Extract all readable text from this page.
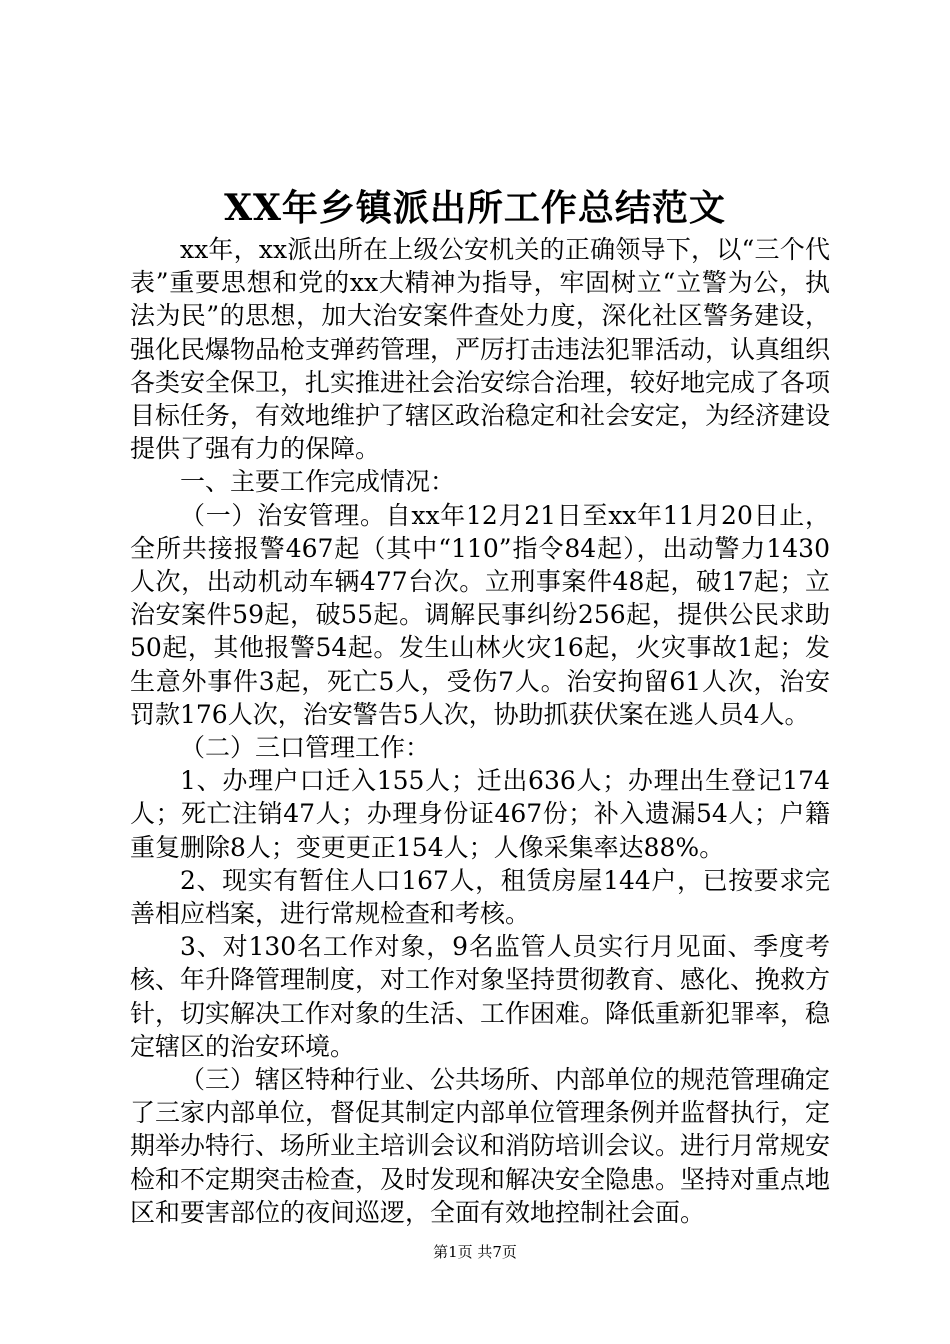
XX年乡镇派出所工作总结范文

xx年，xx派出所在上级公安机关的正确领导下，以“三个代表”重要思想和党的xx大精神为指导，牢固树立“立警为公，执法为民”的思想，加大治安案件查处力度，深化社区警务建设，强化民爆物品枪支弹药管理，严厉打击违法犯罪活动，认真组织各类安全保卫，扎实推进社会治安综合治理，较好地完成了各项目标任务，有效地维护了辖区政治稳定和社会安定，为经济建设提供了强有力的保障。

一、主要工作完成情况：

（一）治安管理。自xx年12月21日至xx年11月20日止，全所共接报警467起（其中“110”指令84起），出动警力1430人次，出动机动车辆477台次。立刑事案件48起，破17起；立治安案件59起，破55起。调解民事纠纷256起，提供公民求助50起，其他报警54起。发生山林火灾16起，火灾事故1起；发生意外事件3起，死亡5人，受伤7人。治安拘留61人次，治安罚款176人次，治安警告5人次，协助抓获伏案在逃人员4人。

（二）三口管理工作：

1、办理户口迁入155人；迁出636人；办理出生登记174人；死亡注销47人；办理身份证467份；补入遗漏54人；户籍重复删除8人；变更更正154人；人像采集率达88%。

2、现实有暂住人口167人，租赁房屋144户，已按要求完善相应档案，进行常规检查和考核。

3、对130名工作对象，9名监管人员实行月见面、季度考核、年升降管理制度，对工作对象坚持贯彻教育、感化、挽救方针，切实解决工作对象的生活、工作困难。降低重新犯罪率，稳定辖区的治安环境。

（三）辖区特种行业、公共场所、内部单位的规范管理确定了三家内部单位，督促其制定内部单位管理条例并监督执行，定期举办特行、场所业主培训会议和消防培训会议。进行月常规安检和不定期突击检查，及时发现和解决安全隐患。坚持对重点地区和要害部位的夜间巡逻，全面有效地控制社会面。

第1页 共7页
